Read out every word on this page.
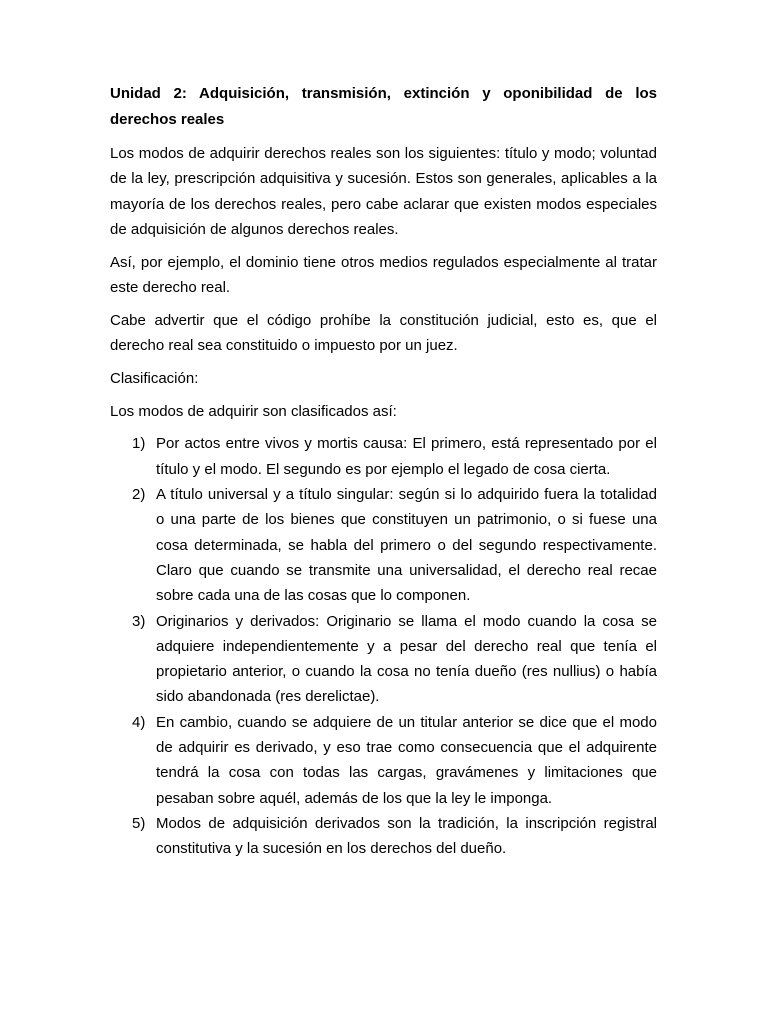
Unidad 2: Adquisición, transmisión, extinción y oponibilidad de los derechos reales

Los modos de adquirir derechos reales son los siguientes: título y modo; voluntad de la ley, prescripción adquisitiva y sucesión. Estos son generales, aplicables a la mayoría de los derechos reales, pero cabe aclarar que existen modos especiales de adquisición de algunos derechos reales.

Así, por ejemplo, el dominio tiene otros medios regulados especialmente al tratar este derecho real.

Cabe advertir que el código prohíbe la constitución judicial, esto es, que el derecho real sea constituido o impuesto por un juez.

Clasificación:

Los modos de adquirir son clasificados así:

1) Por actos entre vivos y mortis causa: El primero, está representado por el título y el modo. El segundo es por ejemplo el legado de cosa cierta.
2) A título universal y a título singular: según si lo adquirido fuera la totalidad o una parte de los bienes que constituyen un patrimonio, o si fuese una cosa determinada, se habla del primero o del segundo respectivamente. Claro que cuando se transmite una universalidad, el derecho real recae sobre cada una de las cosas que lo componen.
3) Originarios y derivados: Originario se llama el modo cuando la cosa se adquiere independientemente y a pesar del derecho real que tenía el propietario anterior, o cuando la cosa no tenía dueño (res nullius) o había sido abandonada (res derelictae).
4) En cambio, cuando se adquiere de un titular anterior se dice que el modo de adquirir es derivado, y eso trae como consecuencia que el adquirente tendrá la cosa con todas las cargas, gravámenes y limitaciones que pesaban sobre aquél, además de los que la ley le imponga.
5) Modos de adquisición derivados son la tradición, la inscripción registral constitutiva y la sucesión en los derechos del dueño.
